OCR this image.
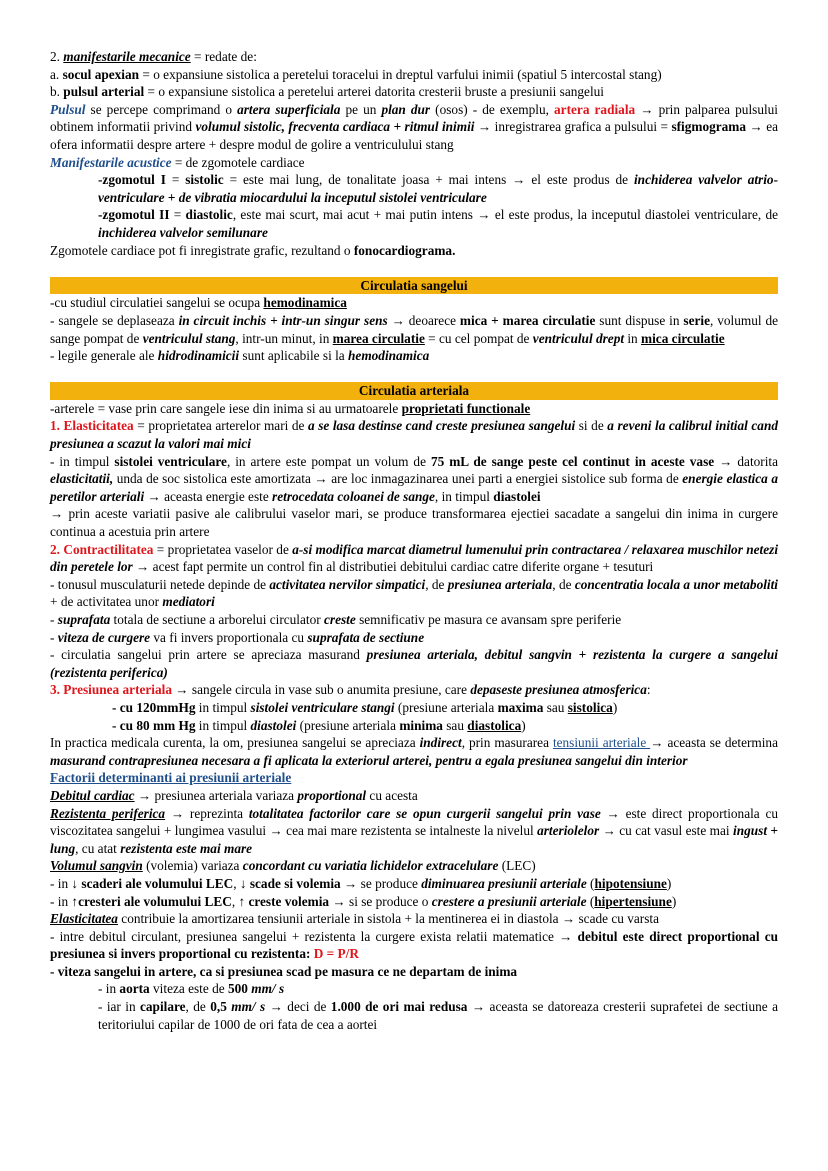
2. manifestarile mecanice = redate de:

a. socul apexian = o expansiune sistolica a peretelui toracelui in dreptul varfului inimii (spatiul 5 intercostal stang)

b. pulsul arterial = o expansiune sistolica a peretelui arterei datorita cresterii bruste a presiunii sangelui

Pulsul se percepe comprimand o artera superficiala pe un plan dur (osos) - de exemplu, artera radiala → prin palparea pulsului obtinem informatii privind volumul sistolic, frecventa cardiaca + ritmul inimii → inregistrarea grafica a pulsului = sfigmograma → ea ofera informatii despre artere + despre modul de golire a ventriculului stang

Manifestarile acustice = de zgomotele cardiace

-zgomotul I = sistolic = este mai lung, de tonalitate joasa + mai intens → el este produs de inchiderea valvelor atrio-ventriculare + de vibratia miocardului la inceputul sistolei ventriculare

-zgomotul II = diastolic, este mai scurt, mai acut + mai putin intens → el este produs, la inceputul diastolei ventriculare, de inchiderea valvelor semilunare

Zgomotele cardiace pot fi inregistrate grafic, rezultand o fonocardiograma.

Circulatia sangelui

-cu studiul circulatiei sangelui se ocupa hemodinamica

- sangele se deplaseaza in circuit inchis + intr-un singur sens → deoarece mica + marea circulatie sunt dispuse in serie, volumul de sange pompat de ventriculul stang, intr-un minut, in marea circulatie = cu cel pompat de ventriculul drept in mica circulatie

- legile generale ale hidrodinamicii sunt aplicabile si la hemodinamica

Circulatia arteriala

-arterele = vase prin care sangele iese din inima si au urmatoarele proprietati functionale

1. Elasticitatea = proprietatea arterelor mari de a se lasa destinse cand creste presiunea sangelui si de a reveni la calibrul initial cand presiunea a scazut la valori mai mici

- in timpul sistolei ventriculare, in artere este pompat un volum de 75 mL de sange peste cel continut in aceste vase → datorita elasticitatii, unda de soc sistolica este amortizata → are loc inmagazinarea unei parti a energiei sistolice sub forma de energie elastica a peretilor arteriali → aceasta energie este retrocedata coloanei de sange, in timpul diastolei

→ prin aceste variatii pasive ale calibrului vaselor mari, se produce transformarea ejectiei sacadate a sangelui din inima in curgere continua a acestuia prin artere

2. Contractilitatea = proprietatea vaselor de a-si modifica marcat diametrul lumenului prin contractarea / relaxarea muschilor netezi din peretele lor → acest fapt permite un control fin al distributiei debitului cardiac catre diferite organe + tesuturi

- tonusul musculaturii netede depinde de activitatea nervilor simpatici, de presiunea arteriala, de concentratia locala a unor metaboliti + de activitatea unor mediatori

- suprafata totala de sectiune a arborelui circulator creste semnificativ pe masura ce avansam spre periferie

- viteza de curgere va fi invers proportionala cu suprafata de sectiune

- circulatia sangelui prin artere se apreciaza masurand presiunea arteriala, debitul sangvin + rezistenta la curgere a sangelui (rezistenta periferica)

3. Presiunea arteriala → sangele circula in vase sub o anumita presiune, care depaseste presiunea atmosferica:

- cu 120mmHg in timpul sistolei ventriculare stangi (presiune arteriala maxima sau sistolica)

- cu 80 mm Hg in timpul diastolei (presiune arteriala minima sau diastolica)

In practica medicala curenta, la om, presiunea sangelui se apreciaza indirect, prin masurarea tensiunii arteriale → aceasta se determina masurand contrapresiunea necesara a fi aplicata la exteriorul arterei, pentru a egala presiunea sangelui din interior

Factorii determinanti ai presiunii arteriale

Debitul cardiac → presiunea arteriala variaza proportional cu acesta

Rezistenta periferica → reprezinta totalitatea factorilor care se opun curgerii sangelui prin vase → este direct proportionala cu viscozitatea sangelui + lungimea vasului → cea mai mare rezistenta se intalneste la nivelul arteriolelor → cu cat vasul este mai ingust + lung, cu atat rezistenta este mai mare

Volumul sangvin (volemia) variaza concordant cu variatia lichidelor extracelulare (LEC)

- in ↓ scaderi ale volumului LEC, ↓ scade si volemia → se produce diminuarea presiunii arteriale (hipotensiune)

- in ↑cresteri ale volumului LEC, ↑ creste volemia → si se produce o crestere a presiunii arteriale (hipertensiune)

Elasticitatea contribuie la amortizarea tensiunii arteriale in sistola + la mentinerea ei in diastola → scade cu varsta

- intre debitul circulant, presiunea sangelui + rezistenta la curgere exista relatii matematice → debitul este direct proportional cu presiunea si invers proportional cu rezistenta: D = P/R

- viteza sangelui in artere, ca si presiunea scad pe masura ce ne departam de inima

- in aorta viteza este de 500 mm/ s

- iar in capilare, de 0,5 mm/ s → deci de 1.000 de ori mai redusa → aceasta se datoreaza cresterii suprafetei de sectiune a teritoriului capilar de 1000 de ori fata de cea a aortei
